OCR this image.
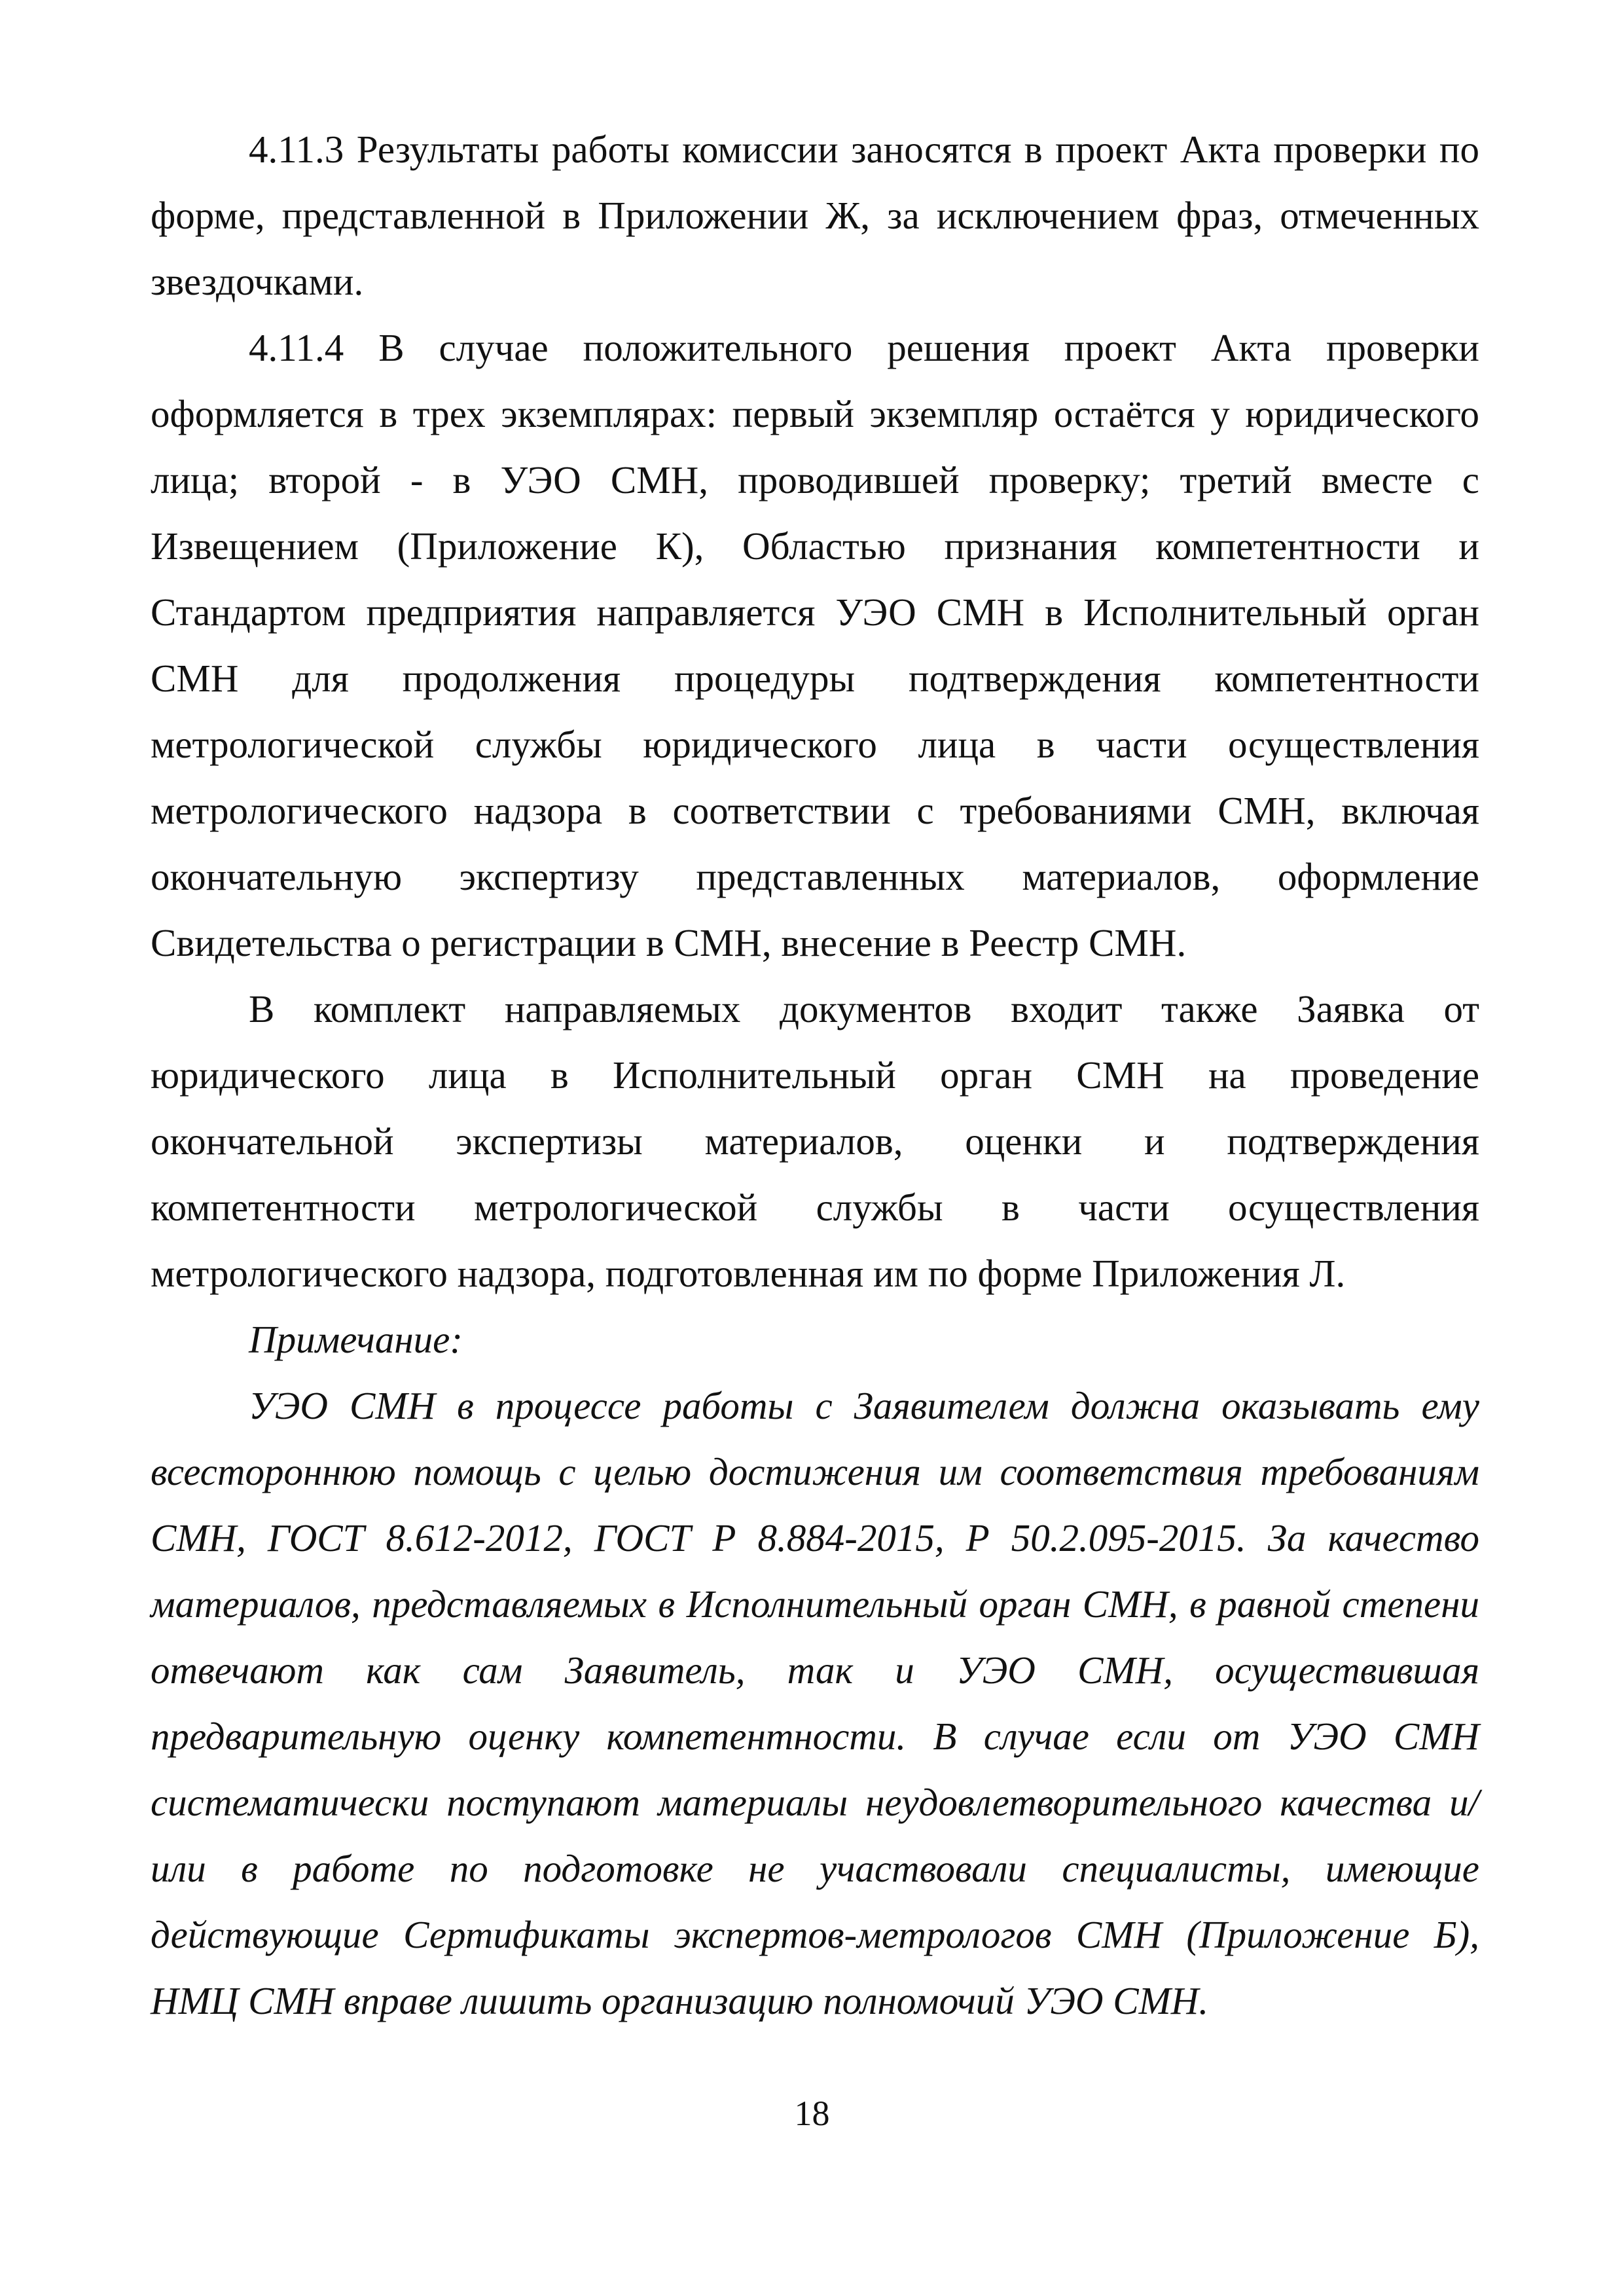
4.11.3 Результаты работы комиссии заносятся в проект Акта проверки по форме, представленной в Приложении Ж, за исключением фраз, отмеченных звездочками.

4.11.4 В случае положительного решения проект Акта проверки оформляется в трех экземплярах: первый экземпляр остаётся у юридического лица; второй - в УЭО СМН, проводившей проверку; третий вместе с Извещением (Приложение К), Областью признания компетентности и Стандартом предприятия направляется УЭО СМН в Исполнительный орган СМН для продолжения процедуры подтверждения компетентности метрологической службы юридического лица в части осуществления метрологического надзора в соответствии с требованиями СМН, включая окончательную экспертизу представленных материалов, оформление Свидетельства о регистрации в СМН, внесение в Реестр СМН.

В комплект направляемых документов входит также Заявка от юридического лица в Исполнительный орган СМН на проведение окончательной экспертизы материалов, оценки и подтверждения компетентности метрологической службы в части осуществления метрологического надзора, подготовленная им по форме Приложения Л.

Примечание:

УЭО СМН в процессе работы с Заявителем должна оказывать ему всестороннюю помощь с целью достижения им соответствия требованиям СМН, ГОСТ 8.612-2012, ГОСТ Р 8.884-2015, Р 50.2.095-2015. За качество материалов, представляемых в Исполнительный орган СМН, в равной степени отвечают как сам Заявитель, так и УЭО СМН, осуществившая предварительную оценку компетентности. В случае если от УЭО СМН систематически поступают материалы неудовлетворительного качества и/или в работе по подготовке не участвовали специалисты, имеющие действующие Сертификаты экспертов-метрологов СМН (Приложение Б), НМЦ СМН вправе лишить организацию полномочий УЭО СМН.

18
